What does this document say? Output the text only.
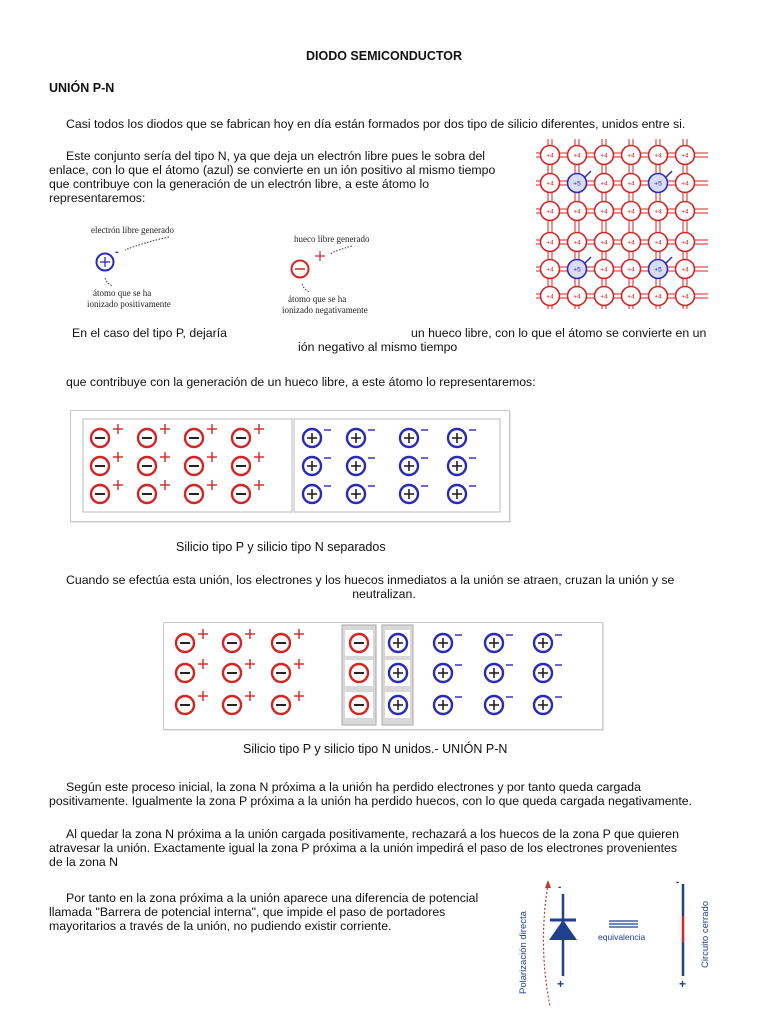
DIODO SEMICONDUCTOR
UNIÓN P-N
Casi todos los diodos que se fabrican hoy en día están formados por dos tipo de silicio diferentes, unidos entre si.
Este conjunto sería del tipo N, ya que deja un electrón libre pues le sobra del
enlace, con lo que el átomo (azul) se convierte en un ión positivo al mismo tiempo
que contribuye con la generación de un electrón libre, a este átomo lo
representaremos:
+4	+4	+4	+4	+4	+4
+4	+5	+4	+4	+5	+4
+4	+4	+4	+4	+4	+4
+4	+4	+4	+4	+4	+4
+4	+5	+4	+4	+5	+4
+4	+4	+4	+4	+4	+4
electrón libre generado
-
átomo que se ha
ionizado positivamente
hueco libre generado
átomo que se ha
ionizado negativamente
En el caso del tipo P, dejaría	un hueco libre, con lo que el átomo se convierte en un
ión negativo al mismo tiempo
que contribuye con la generación de un hueco libre, a este átomo lo representaremos:
Silicio tipo P y silicio tipo N separados
Cuando se efectúa esta unión, los electrones y los huecos inmediatos a la unión se atraen, cruzan la unión y se
neutralizan.
Silicio tipo P y silicio tipo N unidos.- UNIÓN P-N
Según este proceso inicial, la zona N próxima a la unión ha perdido electrones y por tanto queda cargada
positivamente. Igualmente la zona P próxima a la unión ha perdido huecos, con lo que queda cargada negativamente.
Al quedar la zona N próxima a la unión cargada positivamente, rechazará a los huecos de la zona P que quieren
atravesar la unión. Exactamente igual la zona P próxima a la unión impedirá el paso de los electrones provenientes
de la zona N
Por tanto en la zona próxima a la unión aparece una diferencia de potencial
llamada "Barrera de potencial interna", que impide el paso de portadores
mayoritarios a través de la unión, no pudiendo existir corriente.	Polarización directa
-
+
equivalencia
-
+
Circuito cerrado
